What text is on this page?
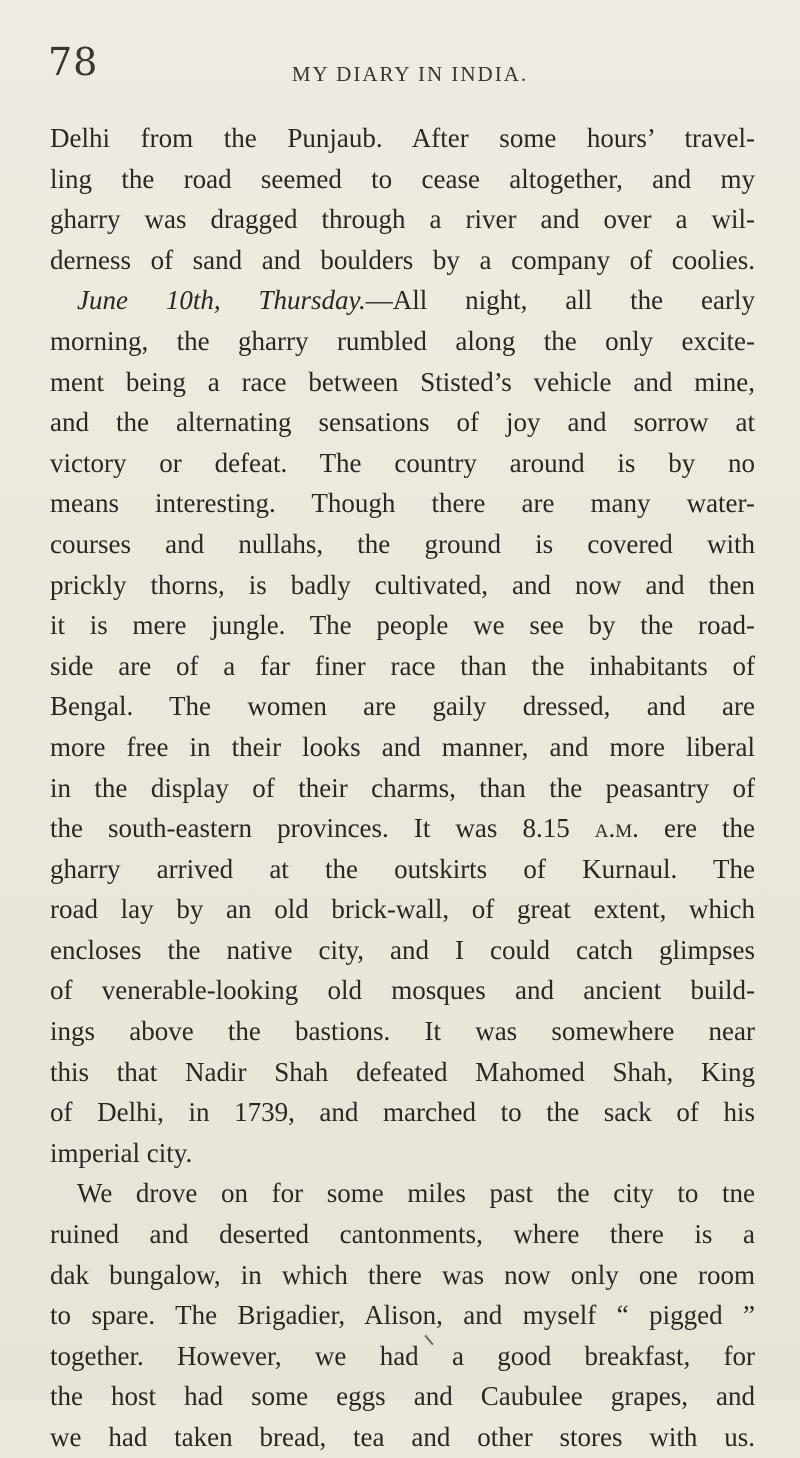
78	MY DIARY IN INDIA.
Delhi from the Punjaub. After some hours’ travel-
ling the road seemed to cease altogether, and my
gharry was dragged through a river and over a wil-
derness of sand and boulders by a company of coolies.
June 10th, Thursday.—All night, all the early
morning, the gharry rumbled along the only excite-
ment being a race between Stisted’s vehicle and mine,
and the alternating sensations of joy and sorrow at
victory or defeat. The country around is by no
means interesting. Though there are many water-
courses and nullahs, the ground is covered with
prickly thorns, is badly cultivated, and now and then
it is mere jungle. The people we see by the road-
side are of a far finer race than the inhabitants of
Bengal. The women are gaily dressed, and are
more free in their looks and manner, and more liberal
in the display of their charms, than the peasantry of
the south-eastern provinces. It was 8.15 a.m. ere the
gharry arrived at the outskirts of Kurnaul. The
road lay by an old brick-wall, of great extent, which
encloses the native city, and I could catch glimpses
of venerable-looking old mosques and ancient build-
ings above the bastions. It was somewhere near
this that Nadir Shah defeated Mahomed Shah, King
of Delhi, in 1739, and marched to the sack of his
imperial city.
We drove on for some miles past the city to tne
ruined and deserted cantonments, where there is a
dak bungalow, in which there was now only one room
to spare. The Brigadier, Alison, and myself “ pigged ”
together. However, we had a good breakfast, for
the host had some eggs and Caubulee grapes, and
we had taken bread, tea and other stores with us.
